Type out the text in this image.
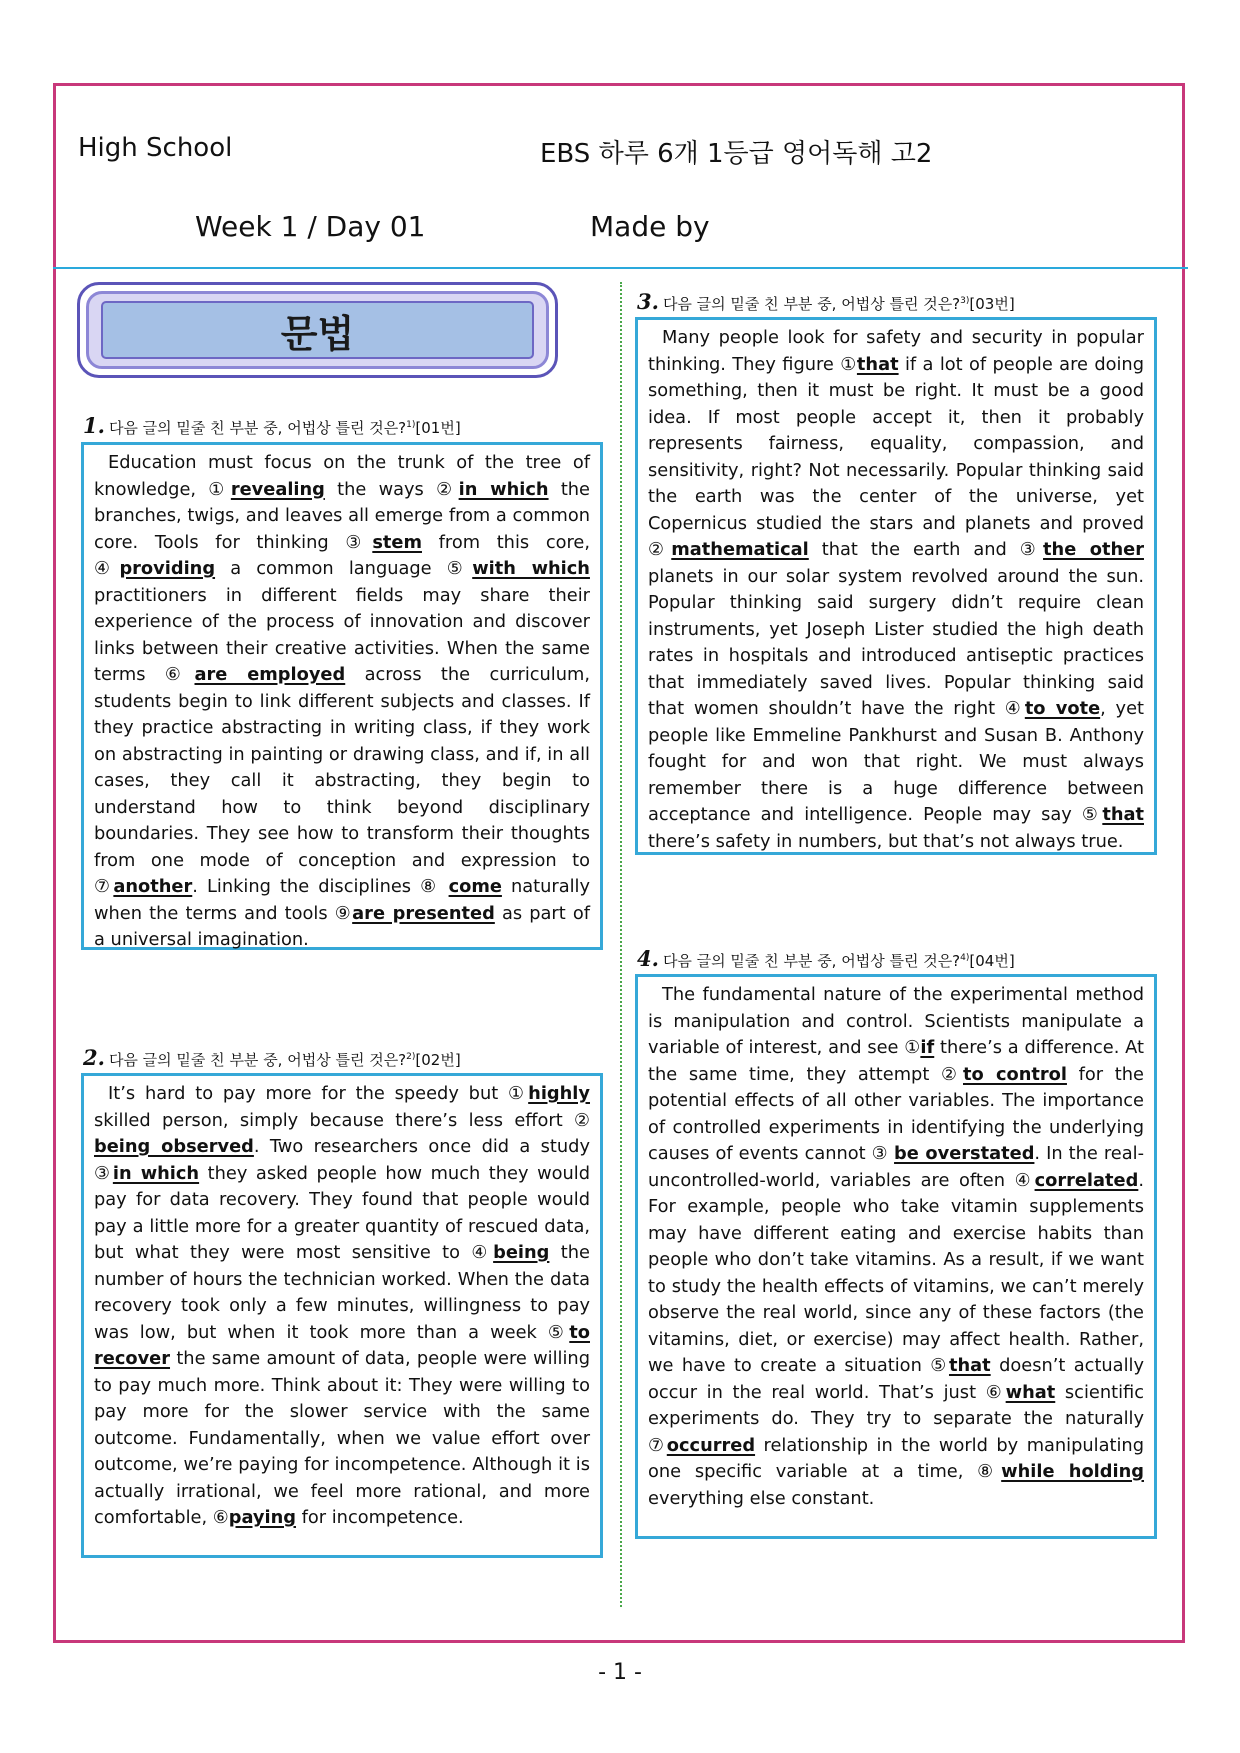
High School	EBS 하루 6개 1등급 영어독해 고2
Week 1 / Day 01	Made by
문법
1. 다음 글의 밑줄 친 부분 중, 어법상 틀린 것은?$^{1)}$[01번]

Education must focus on the trunk of the tree of knowledge, ①revealing the ways ②in which the branches, twigs, and leaves all emerge from a common core. Tools for thinking ③stem from this core, ④providing a common language ⑤with which practitioners in different fields may share their experience of the process of innovation and discover links between their creative activities. When the same terms ⑥are employed across the curriculum, students begin to link different subjects and classes. If they practice abstracting in writing class, if they work on abstracting in painting or drawing class, and if, in all cases, they call it abstracting, they begin to understand how to think beyond disciplinary boundaries. They see how to transform their thoughts from one mode of conception and expression to ⑦another. Linking the disciplines ⑧ come naturally when the terms and tools ⑨are presented as part of a universal imagination.

2. 다음 글의 밑줄 친 부분 중, 어법상 틀린 것은?$^{2)}$[02번]

It’s hard to pay more for the speedy but ①highly skilled person, simply because there’s less effort ② being observed. Two researchers once did a study ③in which they asked people how much they would pay for data recovery. They found that people would pay a little more for a greater quantity of rescued data, but what they were most sensitive to ④being the number of hours the technician worked. When the data recovery took only a few minutes, willingness to pay was low, but when it took more than a week ⑤to recover the same amount of data, people were willing to pay much more. Think about it: They were willing to pay more for the slower service with the same outcome. Fundamentally, when we value effort over outcome, we’re paying for incompetence. Although it is actually irrational, we feel more rational, and more comfortable, ⑥paying for incompetence.

3. 다음 글의 밑줄 친 부분 중, 어법상 틀린 것은?$^{3)}$[03번]

Many people look for safety and security in popular thinking. They figure ①that if a lot of people are doing something, then it must be right. It must be a good idea. If most people accept it, then it probably represents fairness, equality, compassion, and sensitivity, right? Not necessarily. Popular thinking said the earth was the center of the universe, yet Copernicus studied the stars and planets and proved ②mathematical that the earth and ③the other planets in our solar system revolved around the sun. Popular thinking said surgery didn’t require clean instruments, yet Joseph Lister studied the high death rates in hospitals and introduced antiseptic practices that immediately saved lives. Popular thinking said that women shouldn’t have the right ④to vote, yet people like Emmeline Pankhurst and Susan B. Anthony fought for and won that right. We must always remember there is a huge difference between acceptance and intelligence. People may say ⑤that there’s safety in numbers, but that’s not always true.

4. 다음 글의 밑줄 친 부분 중, 어법상 틀린 것은?$^{4)}$[04번]

The fundamental nature of the experimental method is manipulation and control. Scientists manipulate a variable of interest, and see ①if there’s a difference. At the same time, they attempt ②to control for the potential effects of all other variables. The importance of controlled experiments in identifying the underlying causes of events cannot ③ be overstated. In the real-uncontrolled-world, variables are often ④correlated. For example, people who take vitamin supplements may have different eating and exercise habits than people who don’t take vitamins. As a result, if we want to study the health effects of vitamins, we can’t merely observe the real world, since any of these factors (the vitamins, diet, or exercise) may affect health. Rather, we have to create a situation ⑤that doesn’t actually occur in the real world. That’s just ⑥what scientific experiments do. They try to separate the naturally ⑦occurred relationship in the world by manipulating one specific variable at a time, ⑧while holding everything else constant.

- 1 -
